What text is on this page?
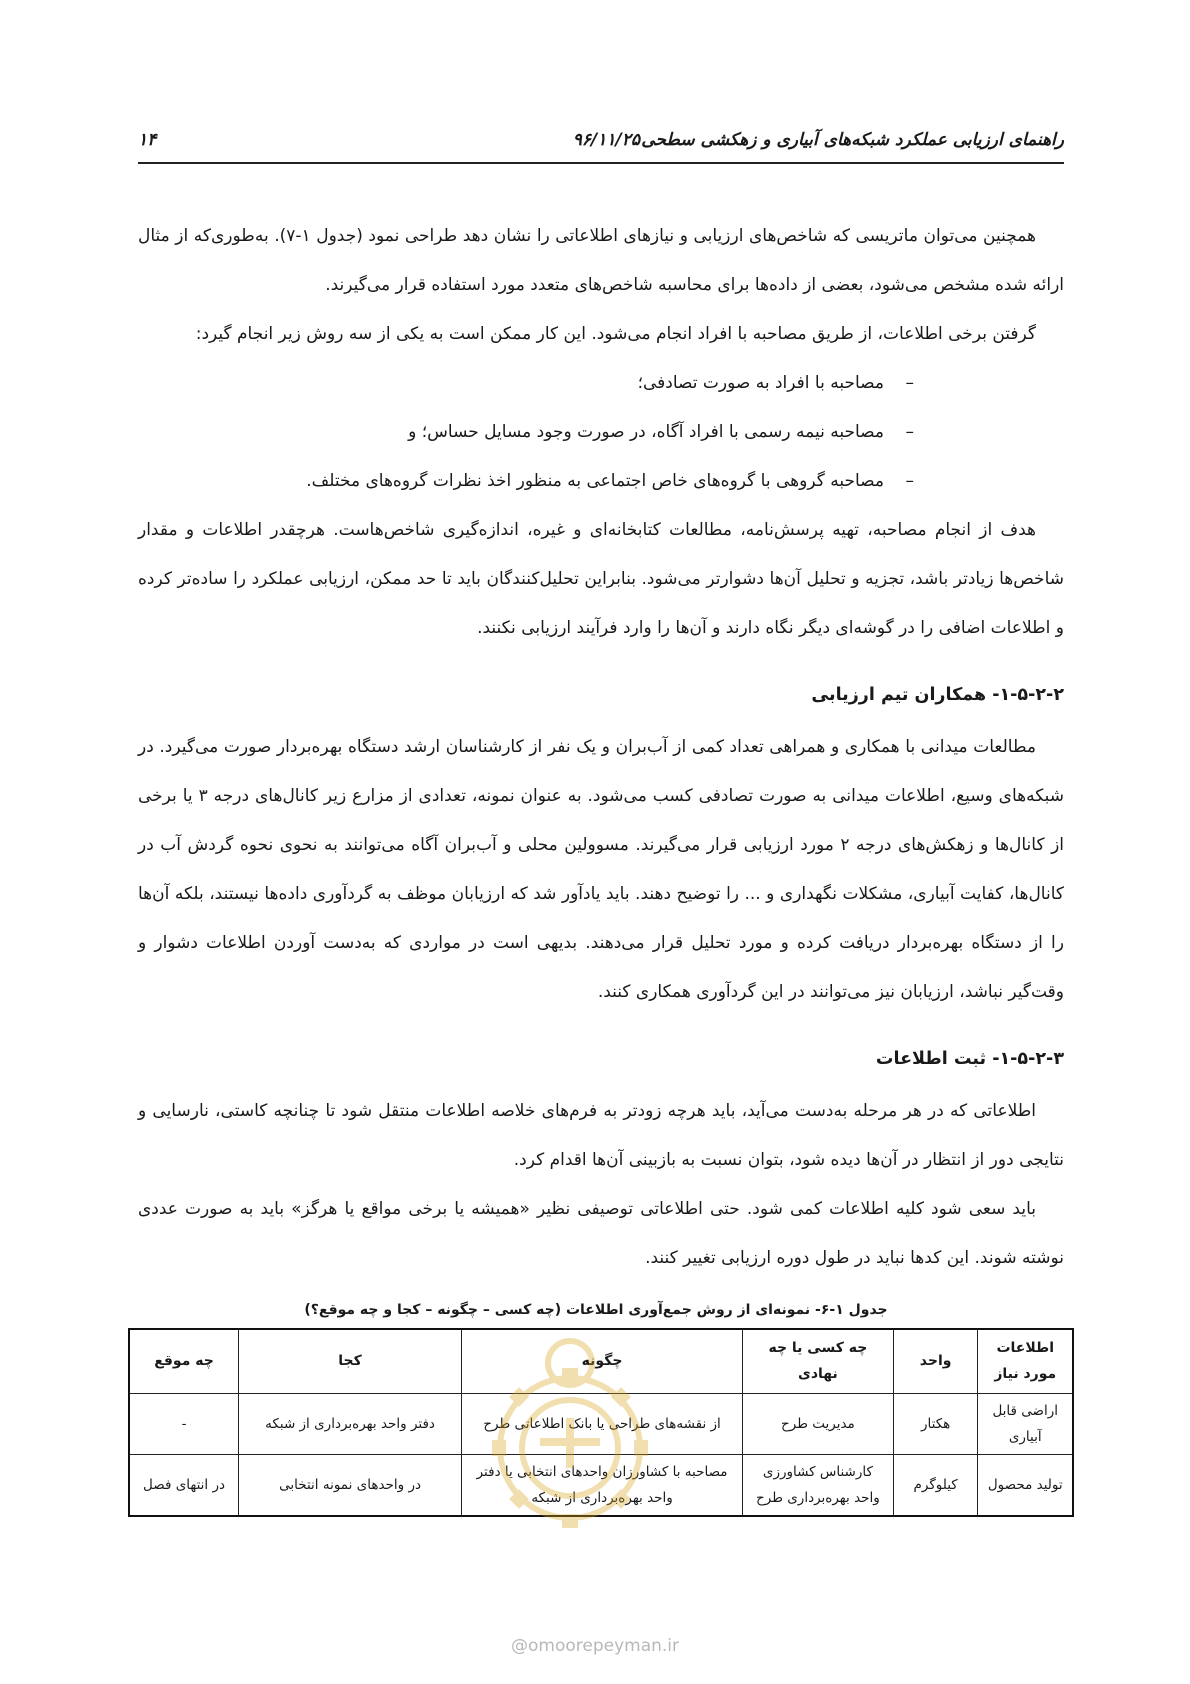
راهنمای ارزیابی عملکرد شبکه‌های آبیاری و زهکشی سطحی
۹۶/۱۱/۲۵
۱۴

همچنین می‌توان ماتریسی که شاخص‌های ارزیابی و نیازهای اطلاعاتی را نشان دهد طراحی نمود (جدول ۱-۷). به‌طوری‌که از مثال ارائه شده مشخص می‌شود، بعضی از داده‌ها برای محاسبه شاخص‌های متعدد مورد استفاده قرار می‌گیرند.

گرفتن برخی اطلاعات، از طریق مصاحبه با افراد انجام می‌شود. این کار ممکن است به یکی از سه روش زیر انجام گیرد:

–مصاحبه با افراد به صورت تصادفی؛
–مصاحبه نیمه رسمی با افراد آگاه، در صورت وجود مسایل حساس؛ و
–مصاحبه گروهی با گروه‌های خاص اجتماعی به منظور اخذ نظرات گروه‌های مختلف.

هدف از انجام مصاحبه، تهیه پرسش‌نامه، مطالعات کتابخانه‌ای و غیره، اندازه‌گیری شاخص‌هاست. هرچقدر اطلاعات و مقدار شاخص‌ها زیادتر باشد، تجزیه و تحلیل آن‌ها دشوارتر می‌شود. بنابراین تحلیل‌کنندگان باید تا حد ممکن، ارزیابی عملکرد را ساده‌تر کرده و اطلاعات اضافی را در گوشه‌ای دیگر نگاه دارند و آن‌ها را وارد فرآیند ارزیابی نکنند.

۱-۵-۲-۲- همکاران تیم ارزیابی

مطالعات میدانی با همکاری و همراهی تعداد کمی از آب‌بران و یک نفر از کارشناسان ارشد دستگاه بهره‌بردار صورت می‌گیرد. در شبکه‌های وسیع، اطلاعات میدانی به صورت تصادفی کسب می‌شود. به عنوان نمونه، تعدادی از مزارع زیر کانال‌های درجه ۳ یا برخی از کانال‌ها و زهکش‌های درجه ۲ مورد ارزیابی قرار می‌گیرند. مسوولین محلی و آب‌بران آگاه می‌توانند به نحوی نحوه گردش آب در کانال‌ها، کفایت آبیاری، مشکلات نگهداری و ... را توضیح دهند. باید یادآور شد که ارزیابان موظف به گردآوری داده‌ها نیستند، بلکه آن‌ها را از دستگاه بهره‌بردار دریافت کرده و مورد تحلیل قرار می‌دهند. بدیهی است در مواردی که به‌دست آوردن اطلاعات دشوار و وقت‌گیر نباشد، ارزیابان نیز می‌توانند در این گردآوری همکاری کنند.

۱-۵-۲-۳- ثبت اطلاعات

اطلاعاتی که در هر مرحله به‌دست می‌آید، باید هرچه زودتر به فرم‌های خلاصه اطلاعات منتقل شود تا چنانچه کاستی، نارسایی و نتایجی دور از انتظار در آن‌ها دیده شود، بتوان نسبت به بازبینی آن‌ها اقدام کرد.

باید سعی شود کلیه اطلاعات کمی شود. حتی اطلاعاتی توصیفی نظیر «همیشه یا برخی مواقع یا هرگز» باید به صورت عددی نوشته شوند. این کدها نباید در طول دوره ارزیابی تغییر کنند.

جدول ۱-۶- نمونه‌ای از روش جمع‌آوری اطلاعات (چه کسی – چگونه – کجا و چه موقع؟)
اطلاعات مورد نیاز	واحد	چه کسی یا چه نهادی	چگونه	کجا	چه موقع
اراضی قابل آبیاری	هکتار	مدیریت طرح	از نقشه‌های طراحی یا بانک اطلاعاتی طرح	دفتر واحد بهره‌برداری از شبکه	-
تولید محصول	کیلوگرم	کارشناس کشاورزی واحد بهره‌برداری طرح	مصاحبه با کشاورزان واحدهای انتخابی یا دفتر واحد بهره‌برداری از شبکه	در واحدهای نمونه انتخابی	در انتهای فصل
@omoorepeyman.ir
